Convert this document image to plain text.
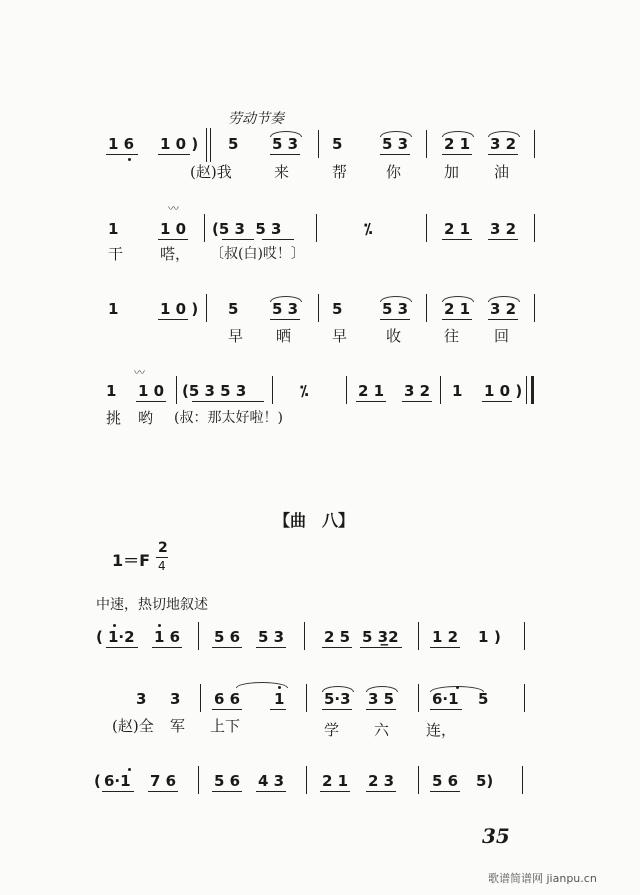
劳动节奏
1 6 1 0 ) 5 5 3 5	5 3 2 1 3 2
(赵)我	来	帮	你	加 油
〰
1	1 0 (5 3  5 3	⁒	2 1 3 2
干 嗒， 〔叔(白)哎！〕
1	1 0 ) 5 5 3 5	5 3 2 1 3 2
早 晒	早	收	往 回
〰
1 1 0 (5 3 5 3	⁒	2 1 3 2 1 1 0 )
挑 哟 (叔：那太好啦！)
【曲　八】
1＝F
2
4
中速，热切地叙述
( 1·2 1 6 5 6 5 3	2 5 5 3̲2 1 2 1 )
3 3 6 6 1	5·3 3 5	6·1 5
(赵)全 军 上下	学 六 连，
( 6·1 7 6	5 6 4 3	2 1 2 3	5 6 5)
35
歌谱简谱网 jianpu.cn
